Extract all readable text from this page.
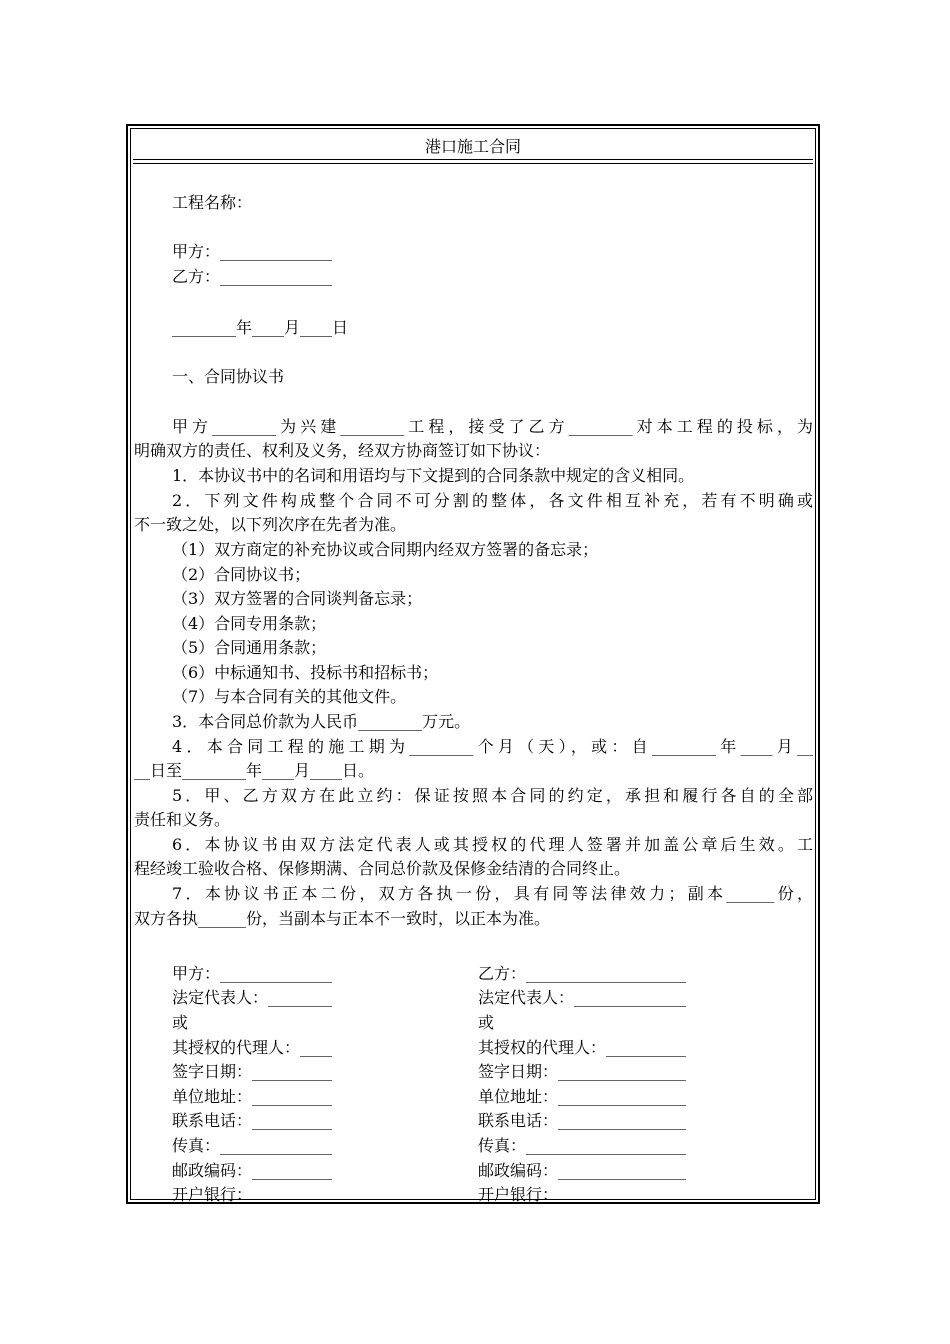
港口施工合同
工程名称：
甲方：______________
乙方：______________
________年____月____日
一、合同协议书
甲方________为兴建________工程，接受了乙方________对本工程的投标，为
明确双方的责任、权利及义务，经双方协商签订如下协议：
1．本协议书中的名词和用语均与下文提到的合同条款中规定的含义相同。
2．下列文件构成整个合同不可分割的整体，各文件相互补充，若有不明确或
不一致之处，以下列次序在先者为准。
（1）双方商定的补充协议或合同期内经双方签署的备忘录；
（2）合同协议书；
（3）双方签署的合同谈判备忘录；
（4）合同专用条款；
（5）合同通用条款；
（6）中标通知书、投标书和招标书；
（7）与本合同有关的其他文件。
3．本合同总价款为人民币________万元。
4．本合同工程的施工期为________个月（天），或：自________年____月__
__日至________年____月____日。
5．甲、乙方双方在此立约：保证按照本合同的约定，承担和履行各自的全部
责任和义务。
6．本协议书由双方法定代表人或其授权的代理人签署并加盖公章后生效。工
程经竣工验收合格、保修期满、合同总价款及保修金结清的合同终止。
7．本协议书正本二份，双方各执一份，具有同等法律效力；副本______份，
双方各执______份，当副本与正本不一致时，以正本为准。
甲方：______________
法定代表人：________
或
其授权的代理人：____
签字日期：__________
单位地址：__________
联系电话：__________
传真：______________
邮政编码：__________
开户银行：__________
乙方：____________________
法定代表人：______________
或
其授权的代理人：__________
签字日期：________________
单位地址：________________
联系电话：________________
传真：____________________
邮政编码：________________
开户银行：________________
